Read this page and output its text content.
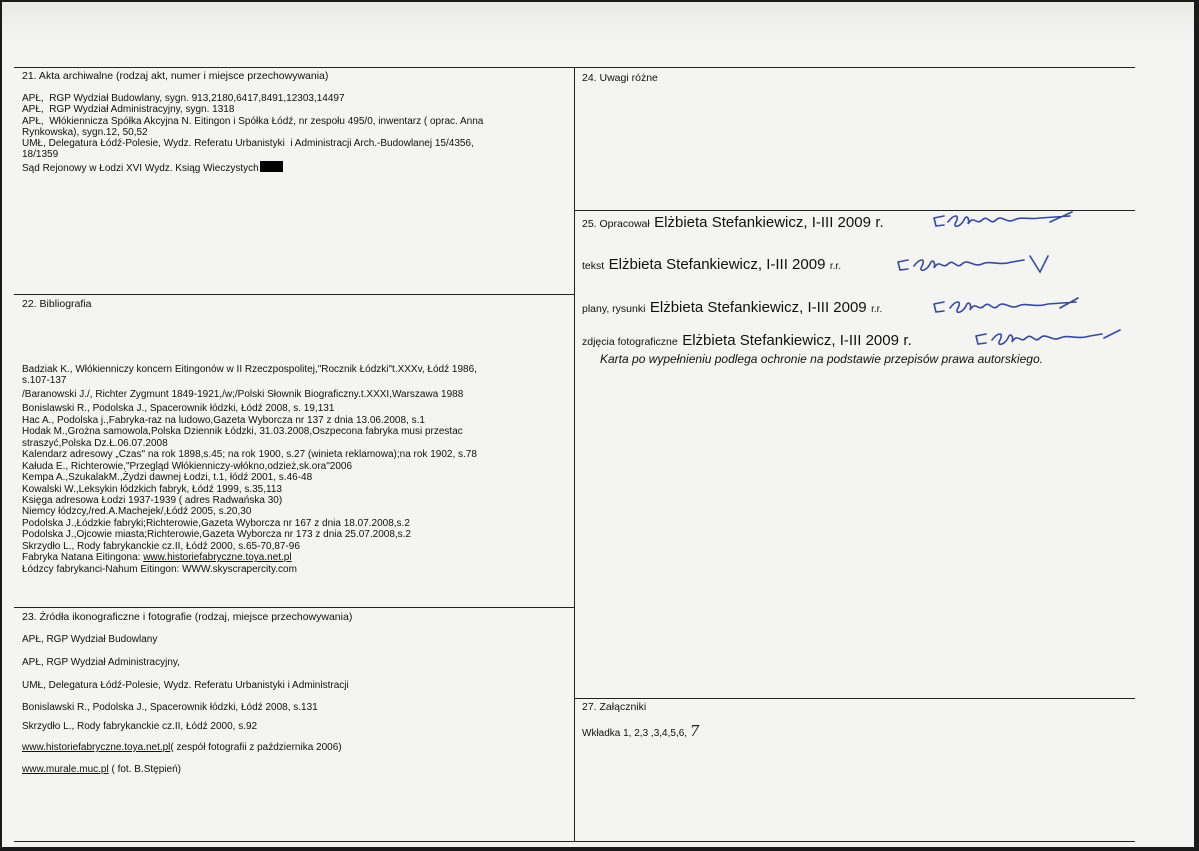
21. Akta archiwalne (rodzaj akt, numer i miejsce przechowywania)
APŁ,  RGP Wydział Budowlany, sygn. 913,2180,6417,8491,12303,14497
APŁ,  RGP Wydział Administracyjny, sygn. 1318
APŁ,  Włókiennicza Spółka Akcyjna N. Eitingon i Spółka Łódź, nr zespołu 495/0, inwentarz ( oprac. Anna
Rynkowska), sygn.12, 50,52
UMŁ, Delegatura Łódź-Polesie, Wydz. Referatu Urbanistyki  i Administracji Arch.-Budowlanej 15/4356,
18/1359
Sąd Rejonowy w Łodzi XVI Wydz. Ksiąg Wieczystych
22. Bibliografia
Badziak K., Włókienniczy koncern Eitingonów w II Rzeczpospolitej,"Rocznik Łódzki"t.XXXv, Łódź 1986,
s.107-137
/Baranowski J./, Richter Zygmunt 1849-1921,/w;/Polski Słownik Biograficzny.t.XXXI,Warszawa 1988
Bonislawski R., Podolska J., Spacerownik łódzki, Łódź 2008, s. 19,131
Hac A., Podolska j.,Fabryka-raz na ludowo,Gazeta Wyborcza nr 137 z dnia 13.06.2008, s.1
Hodak M.,Grożna samowola,Polska Dziennik Łódzki, 31.03.2008,Oszpecona fabryka musi przestac
straszyć,Polska Dz.Ł.06.07.2008
Kalendarz adresowy „Czas" na rok 1898,s.45; na rok 1900, s.27 (winieta reklamowa);na rok 1902, s.78
Kałuda E., Richterowie,"Przegląd Włókienniczy-włókno,odzież,sk.ora"2006
Kempa A.,SzukalakM.,Żydzi dawnej Łodzi, t.1, łódź 2001, s.46-48
Kowalski W.,Leksykin łódzkich fabryk, Łódź 1999, s.35,113
Księga adresowa Łodzi 1937-1939 ( adres Radwańska 30)
Niemcy łódzcy,/red.A.Machejek/,Łódź 2005, s.20,30
Podolska J.,Łódzkie fabryki;Richterowie,Gazeta Wyborcza nr 167 z dnia 18.07.2008,s.2
Podolska J.,Ojcowie miasta;Richterowie,Gazeta Wyborcza nr 173 z dnia 25.07.2008,s.2
Skrzydło L., Rody fabrykanckie cz.II, Łódź 2000, s.65-70,87-96
Fabryka Natana Eitingona: www.historiefabryczne.toya.net.pl
Łódzcy fabrykanci-Nahum Eitingon: WWW.skyscrapercity.com
23. Źródła ikonograficzne i fotografie (rodzaj, miejsce przechowywania)
APŁ, RGP Wydział Budowlany
APŁ, RGP Wydział Administracyjny,
UMŁ, Delegatura Łódź-Polesie, Wydz. Referatu Urbanistyki i Administracji
Bonislawski R., Podolska J., Spacerownik łódzki, Łódź 2008, s.131
Skrzydło L., Rody fabrykanckie cz.II, Łódź 2000, s.92
www.historiefabryczne.toya.net.pl( zespół fotografii z października 2006)
www.murale.muc.pl ( fot. B.Stępień)
24. Uwagi różne
25. Opracował Elżbieta Stefankiewicz, I-III 2009 r.
tekst Elżbieta Stefankiewicz, I-III 2009 r.r.
plany, rysunki Elżbieta Stefankiewicz, I-III 2009 r.r.
zdjęcia fotograficzne Elżbieta Stefankiewicz, I-III 2009 r.
Karta po wypełnieniu podlega ochronie na podstawie przepisów prawa autorskiego.
27. Załączniki
Wkładka 1, 2,3 ,3,4,5,6, 7
